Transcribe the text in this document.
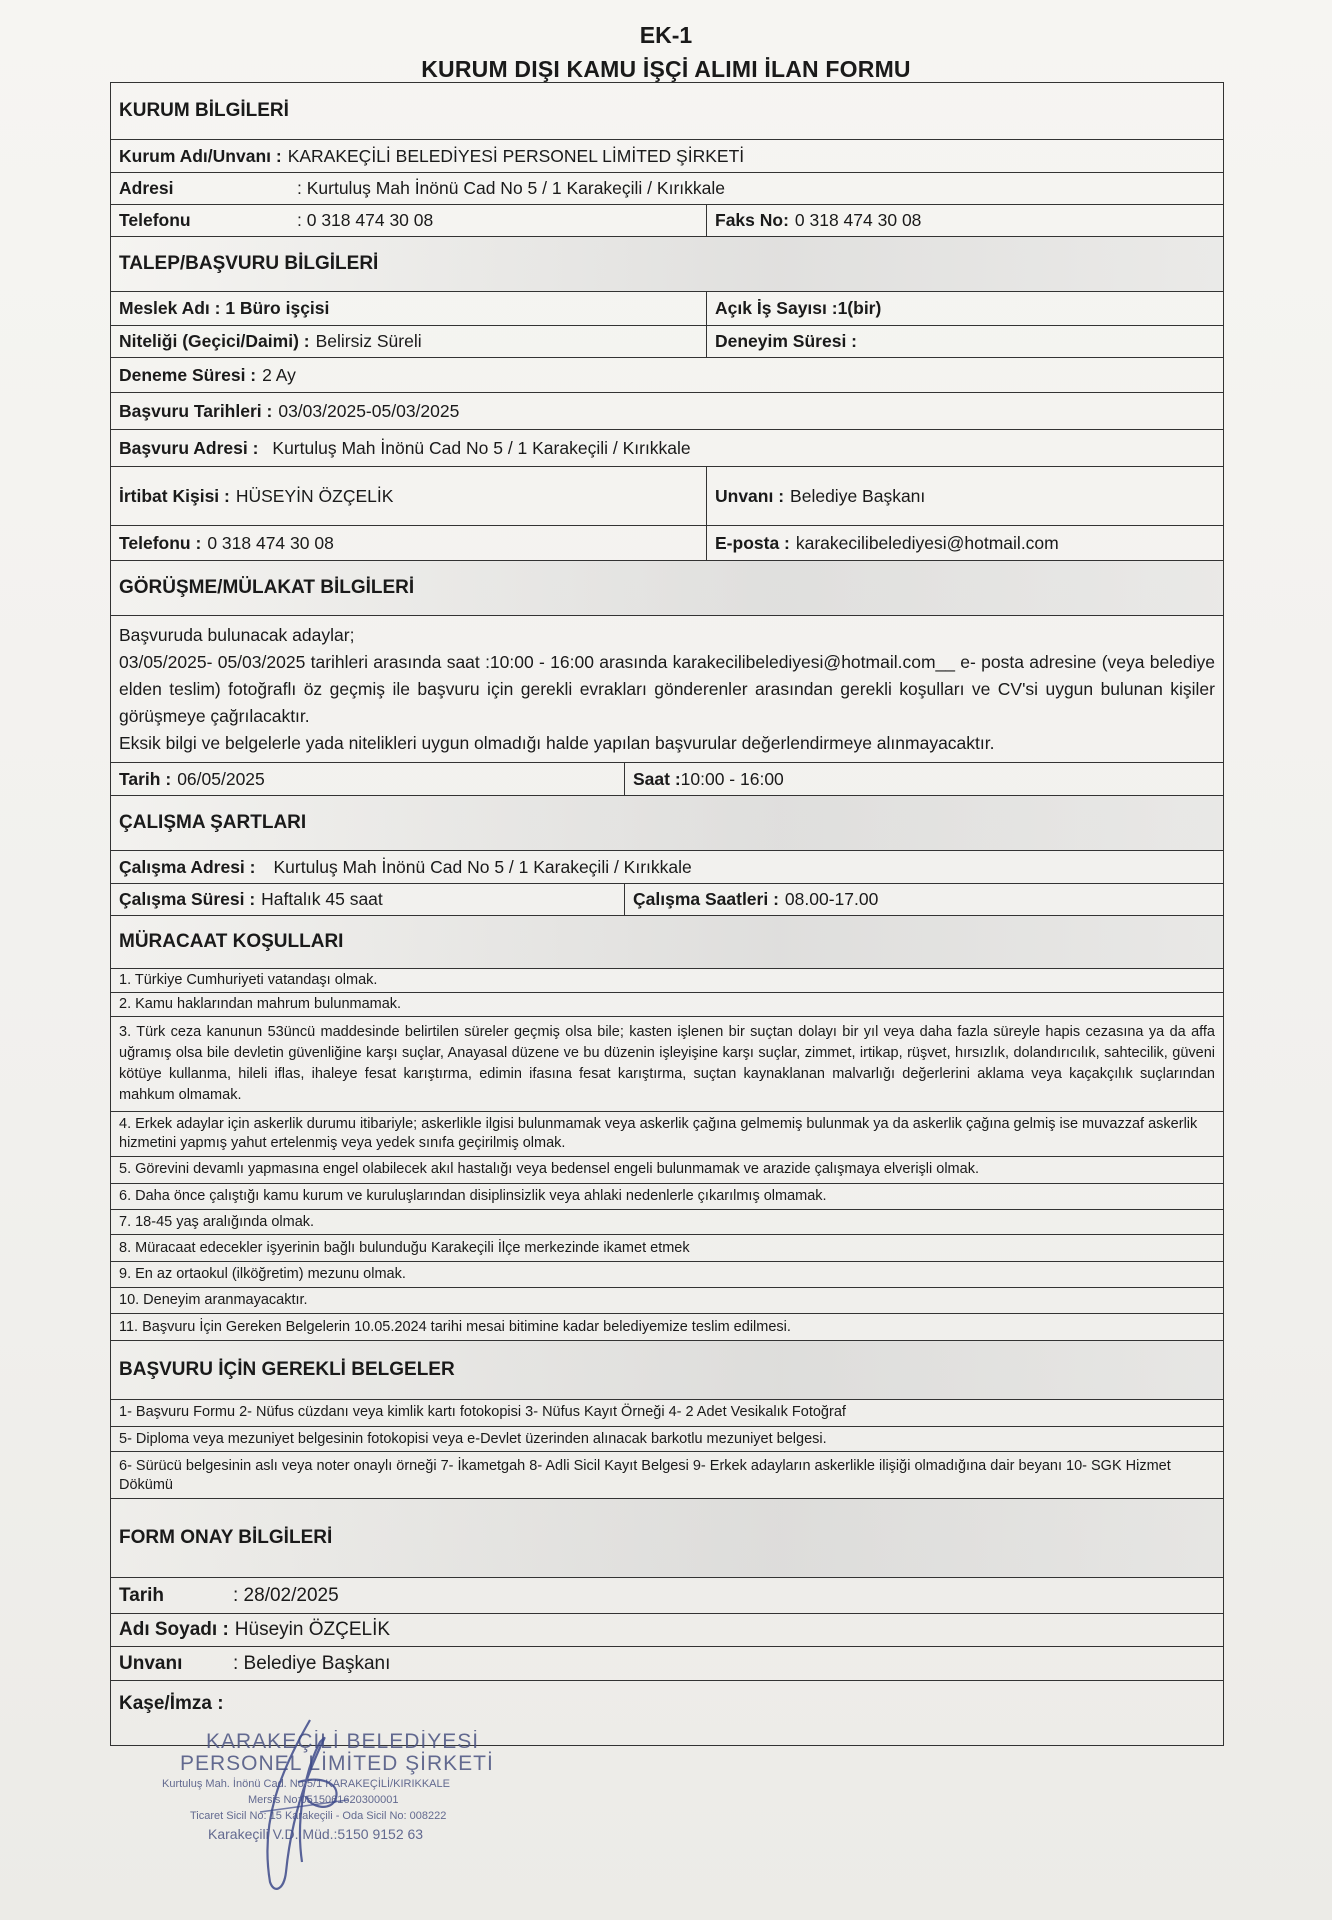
EK-1
KURUM DIŞI KAMU İŞÇİ ALIMI İLAN FORMU
KURUM BİLGİLERİ
Kurum Adı/Unvanı : KARAKEÇİLİ BELEDİYESİ PERSONEL LİMİTED ŞİRKETİ
Adresi	: Kurtuluş Mah İnönü Cad No 5 / 1 Karakeçili / Kırıkkale
Telefonu	: 0 318 474 30 08	Faks No: 0 318 474 30 08
TALEP/BAŞVURU BİLGİLERİ
Meslek Adı : 1 Büro işçisi	Açık İş Sayısı :1(bir)
Niteliği (Geçici/Daimi) : Belirsiz Süreli	Deneyim Süresi :
Deneme Süresi : 2 Ay
Başvuru Tarihleri : 03/03/2025-05/03/2025
Başvuru Adresi : Kurtuluş Mah İnönü Cad No 5 / 1 Karakeçili / Kırıkkale
İrtibat Kişisi : HÜSEYİN ÖZÇELİK	Unvanı : Belediye Başkanı
Telefonu : 0 318 474 30 08	E-posta : karakecilibelediyesi@hotmail.com
GÖRÜŞME/MÜLAKAT BİLGİLERİ
Başvuruda bulunacak adaylar;
03/05/2025- 05/03/2025 tarihleri arasında saat :10:00 - 16:00 arasında karakecilibelediyesi@hotmail.com__ e- posta adresine (veya belediye elden teslim) fotoğraflı öz geçmiş ile başvuru için gerekli evrakları gönderenler arasından gerekli koşulları ve CV'si uygun bulunan kişiler görüşmeye çağrılacaktır.
Eksik bilgi ve belgelerle yada nitelikleri uygun olmadığı halde yapılan başvurular değerlendirmeye alınmayacaktır.
Tarih : 06/05/2025	Saat : 10:00 - 16:00
ÇALIŞMA ŞARTLARI
Çalışma Adresi : Kurtuluş Mah İnönü Cad No 5 / 1 Karakeçili / Kırıkkale
Çalışma Süresi : Haftalık 45 saat	Çalışma Saatleri : 08.00-17.00
MÜRACAAT KOŞULLARI
1. Türkiye Cumhuriyeti vatandaşı olmak.
2. Kamu haklarından mahrum bulunmamak.
3. Türk ceza kanunun 53üncü maddesinde belirtilen süreler geçmiş olsa bile; kasten işlenen bir suçtan dolayı bir yıl veya daha fazla süreyle hapis cezasına ya da affa uğramış olsa bile devletin güvenliğine karşı suçlar, Anayasal düzene ve bu düzenin işleyişine karşı suçlar, zimmet, irtikap, rüşvet, hırsızlık, dolandırıcılık, sahtecilik, güveni kötüye kullanma, hileli iflas, ihaleye fesat karıştırma, edimin ifasına fesat karıştırma, suçtan kaynaklanan malvarlığı değerlerini aklama veya kaçakçılık suçlarından mahkum olmamak.
4. Erkek adaylar için askerlik durumu itibariyle; askerlikle ilgisi bulunmamak veya askerlik çağına gelmemiş bulunmak ya da askerlik çağına gelmiş ise muvazzaf askerlik hizmetini yapmış yahut ertelenmiş veya yedek sınıfa geçirilmiş olmak.
5. Görevini devamlı yapmasına engel olabilecek akıl hastalığı veya bedensel engeli bulunmamak ve arazide çalışmaya elverişli olmak.
6. Daha önce çalıştığı kamu kurum ve kuruluşlarından disiplinsizlik veya ahlaki nedenlerle çıkarılmış olmamak.
7. 18-45 yaş aralığında olmak.
8. Müracaat edecekler işyerinin bağlı bulunduğu Karakeçili İlçe merkezinde ikamet etmek
9. En az ortaokul (ilköğretim) mezunu olmak.
10. Deneyim aranmayacaktır.
11. Başvuru İçin Gereken Belgelerin 10.05.2024 tarihi mesai bitimine kadar belediyemize teslim edilmesi.
BAŞVURU İÇİN GEREKLİ BELGELER
1- Başvuru Formu 2- Nüfus cüzdanı veya kimlik kartı fotokopisi 3- Nüfus Kayıt Örneği 4- 2 Adet Vesikalık Fotoğraf
5- Diploma veya mezuniyet belgesinin fotokopisi veya e-Devlet üzerinden alınacak barkotlu mezuniyet belgesi.
6- Sürücü belgesinin aslı veya noter onaylı örneği 7- İkametgah 8- Adli Sicil Kayıt Belgesi 9- Erkek adayların askerlikle ilişiği olmadığına dair beyanı 10- SGK Hizmet Dökümü
FORM ONAY BİLGİLERİ
Tarih	: 28/02/2025
Adı Soyadı : Hüseyin ÖZÇELİK
Unvanı	: Belediye Başkanı
Kaşe/İmza :
KARAKEÇİLİ BELEDİYESİ
PERSONEL LİMİTED ŞİRKETİ
Kurtuluş Mah. İnönü Cad. No:5/1 KARAKEÇİLİ/KIRIKKALE
Mersis No:0515061620300001
Ticaret Sicil No: 15 Karakeçili - Oda Sicil No: 008222
Karakeçili V.D. Müd.:5150 9152 63
